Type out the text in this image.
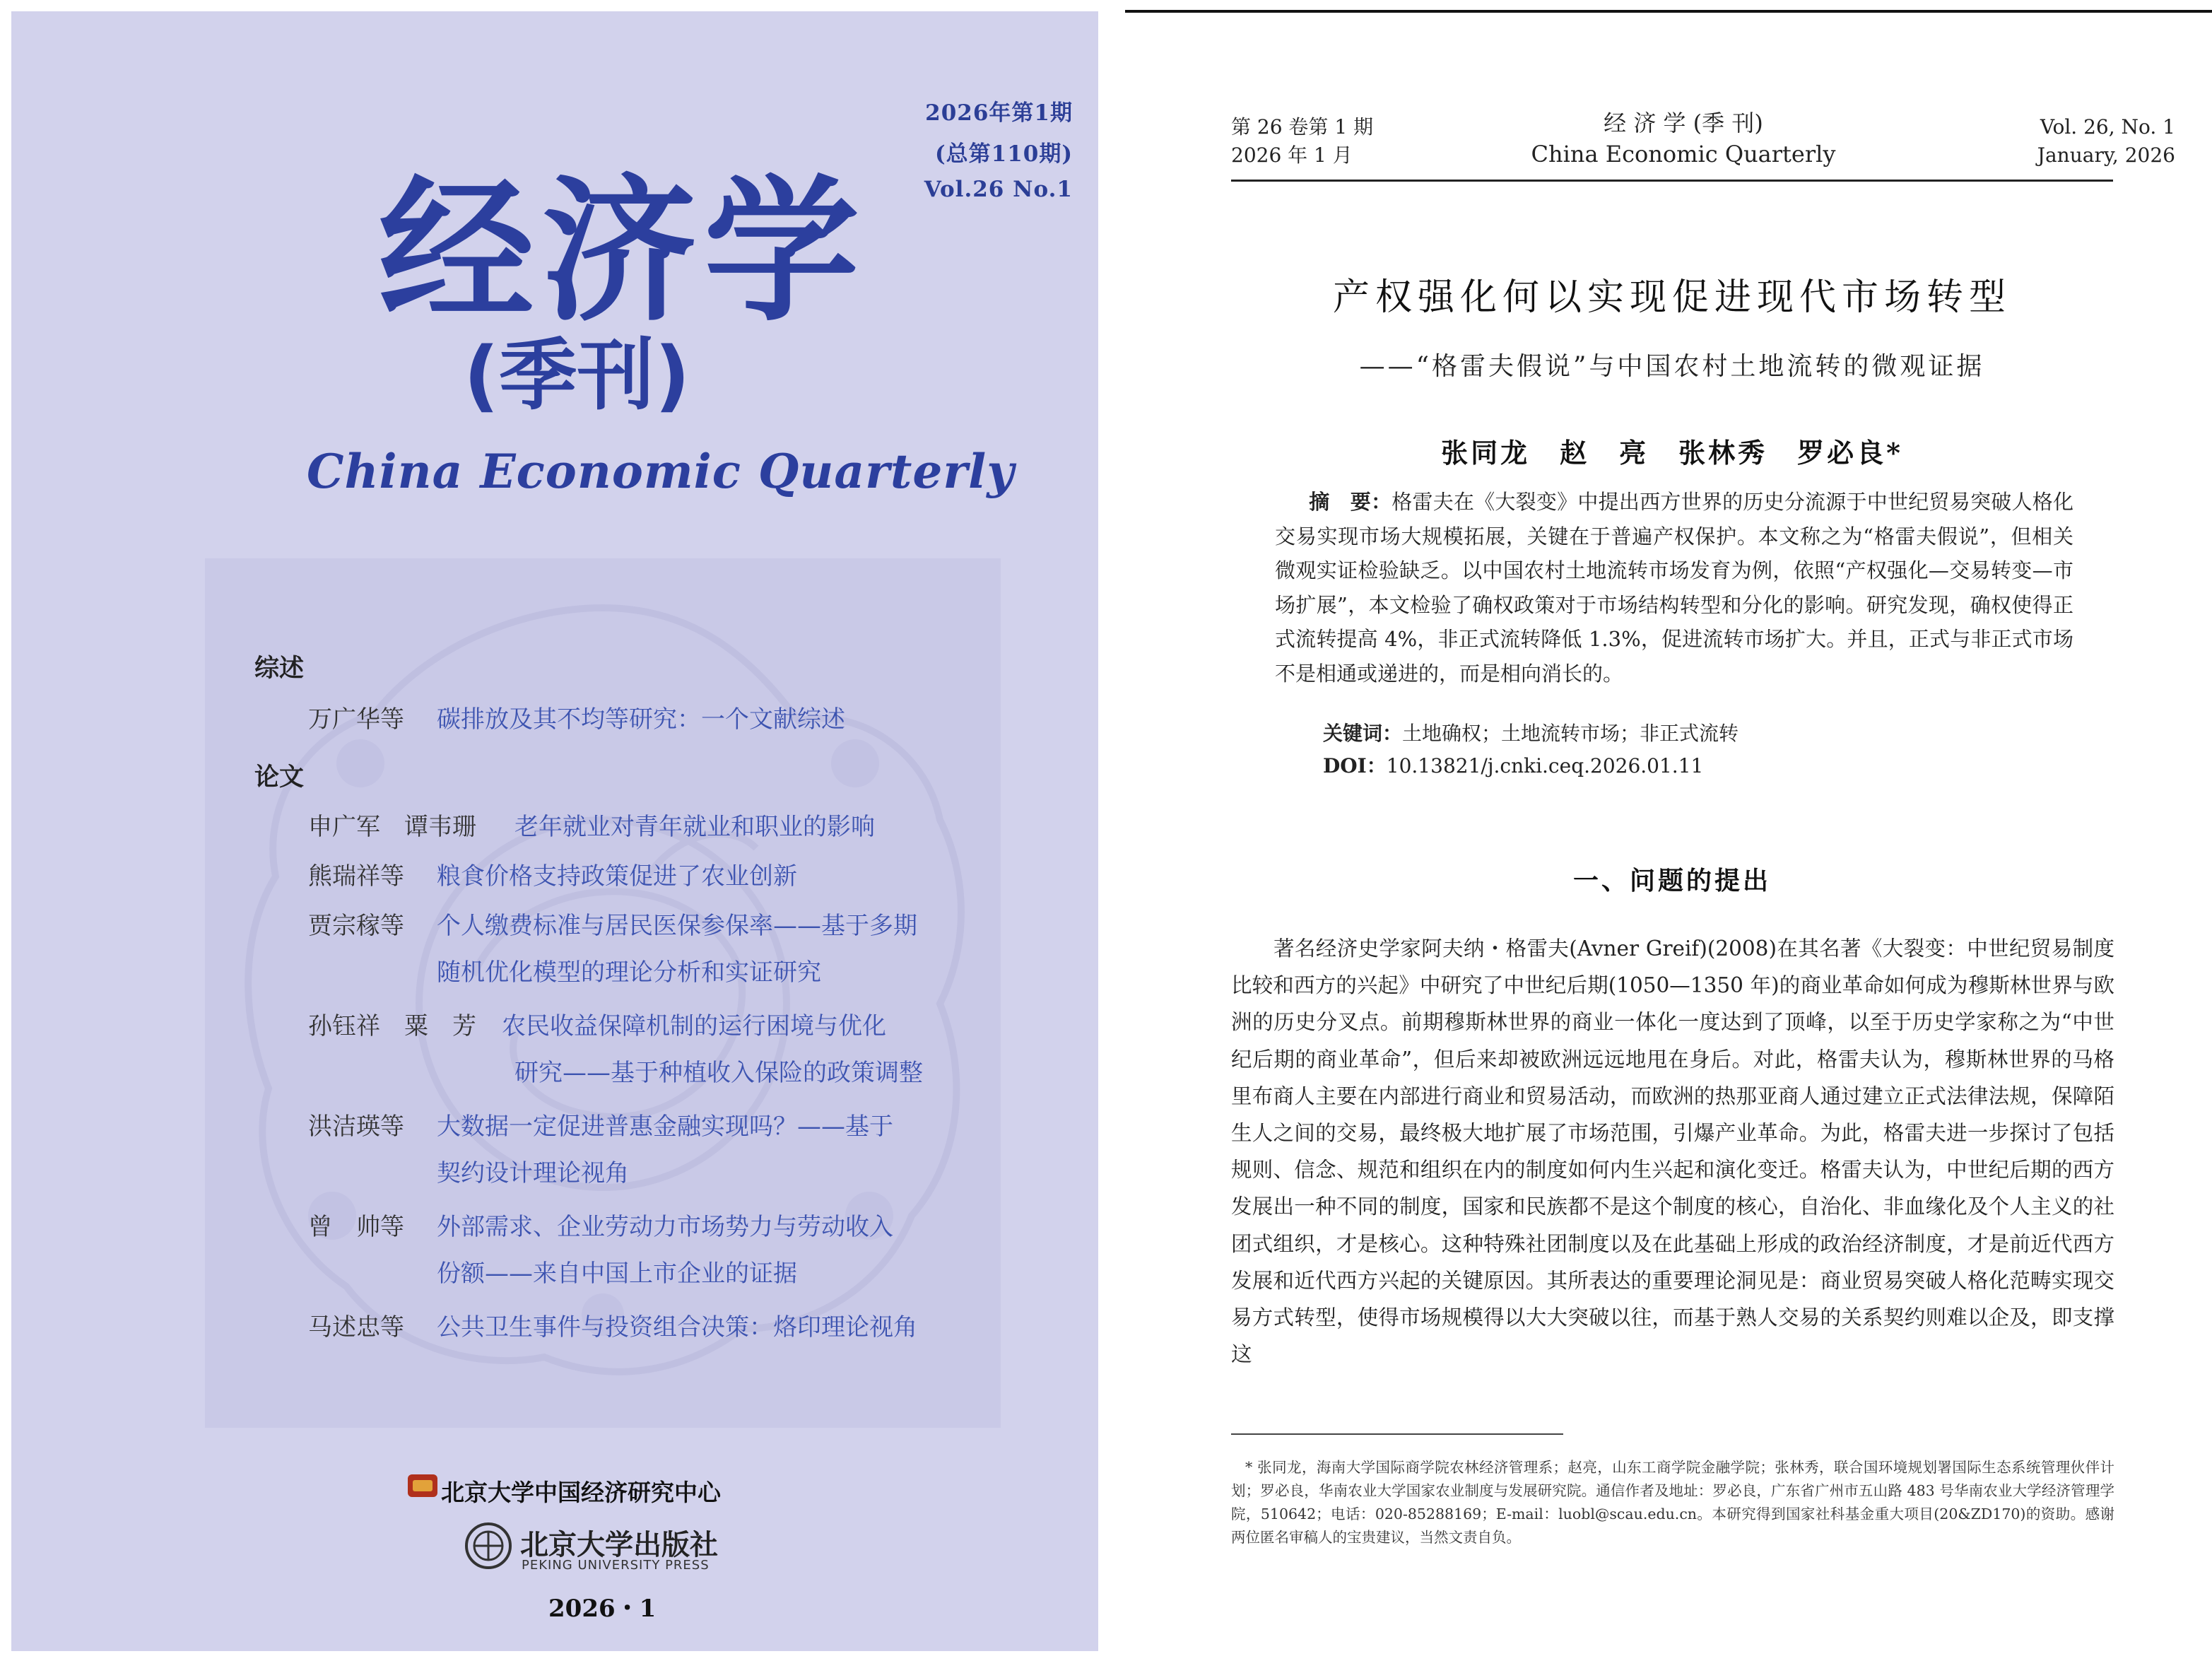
2026年第1期
(总第110期)
Vol.26 No.1
经济学
(季刊)
China Economic Quarterly
综述
万广华等 碳排放及其不均等研究：一个文献综述
论文
申广军　谭韦珊 老年就业对青年就业和职业的影响
熊瑞祥等 粮食价格支持政策促进了农业创新
贾宗稼等 个人缴费标准与居民医保参保率——基于多期
随机优化模型的理论分析和实证研究
孙钰祥　粟　芳 农民收益保障机制的运行困境与优化
研究——基于种植收入保险的政策调整
洪洁瑛等 大数据一定促进普惠金融实现吗？——基于
契约设计理论视角
曾　帅等 外部需求、企业劳动力市场势力与劳动收入
份额——来自中国上市企业的证据
马述忠等 公共卫生事件与投资组合决策：烙印理论视角
北京大学中国经济研究中心
北京大学出版社
PEKING UNIVERSITY PRESS
2026・1
第 26 卷第 1 期
2026 年 1 月
经 济 学 (季 刊)
China Economic Quarterly
Vol. 26, No. 1
January, 2026
产权强化何以实现促进现代市场转型
——“格雷夫假说”与中国农村土地流转的微观证据
张同龙　赵　亮　张林秀　罗必良*
摘　要：格雷夫在《大裂变》中提出西方世界的历史分流源于中世纪贸易突破人格化交易实现市场大规模拓展，关键在于普遍产权保护。本文称之为“格雷夫假说”，但相关微观实证检验缺乏。以中国农村土地流转市场发育为例，依照“产权强化—交易转变—市场扩展”，本文检验了确权政策对于市场结构转型和分化的影响。研究发现，确权使得正式流转提高 4%，非正式流转降低 1.3%，促进流转市场扩大。并且，正式与非正式市场不是相通或递进的，而是相向消长的。
关键词：土地确权；土地流转市场；非正式流转
DOI：10.13821/j.cnki.ceq.2026.01.11
一、问题的提出
著名经济史学家阿夫纳・格雷夫(Avner Greif)(2008)在其名著《大裂变：中世纪贸易制度比较和西方的兴起》中研究了中世纪后期(1050—1350 年)的商业革命如何成为穆斯林世界与欧洲的历史分叉点。前期穆斯林世界的商业一体化一度达到了顶峰，以至于历史学家称之为“中世纪后期的商业革命”，但后来却被欧洲远远地甩在身后。对此，格雷夫认为，穆斯林世界的马格里布商人主要在内部进行商业和贸易活动，而欧洲的热那亚商人通过建立正式法律法规，保障陌生人之间的交易，最终极大地扩展了市场范围，引爆产业革命。为此，格雷夫进一步探讨了包括规则、信念、规范和组织在内的制度如何内生兴起和演化变迁。格雷夫认为，中世纪后期的西方发展出一种不同的制度，国家和民族都不是这个制度的核心，自治化、非血缘化及个人主义的社团式组织，才是核心。这种特殊社团制度以及在此基础上形成的政治经济制度，才是前近代西方发展和近代西方兴起的关键原因。其所表达的重要理论洞见是：商业贸易突破人格化范畴实现交易方式转型，使得市场规模得以大大突破以往，而基于熟人交易的关系契约则难以企及，即支撑这
* 张同龙，海南大学国际商学院农林经济管理系；赵亮，山东工商学院金融学院；张林秀，联合国环境规划署国际生态系统管理伙伴计划；罗必良，华南农业大学国家农业制度与发展研究院。通信作者及地址：罗必良，广东省广州市五山路 483 号华南农业大学经济管理学院，510642；电话：020-85288169；E-mail：luobl@scau.edu.cn。本研究得到国家社科基金重大项目(20&ZD170)的资助。感谢两位匿名审稿人的宝贵建议，当然文责自负。
